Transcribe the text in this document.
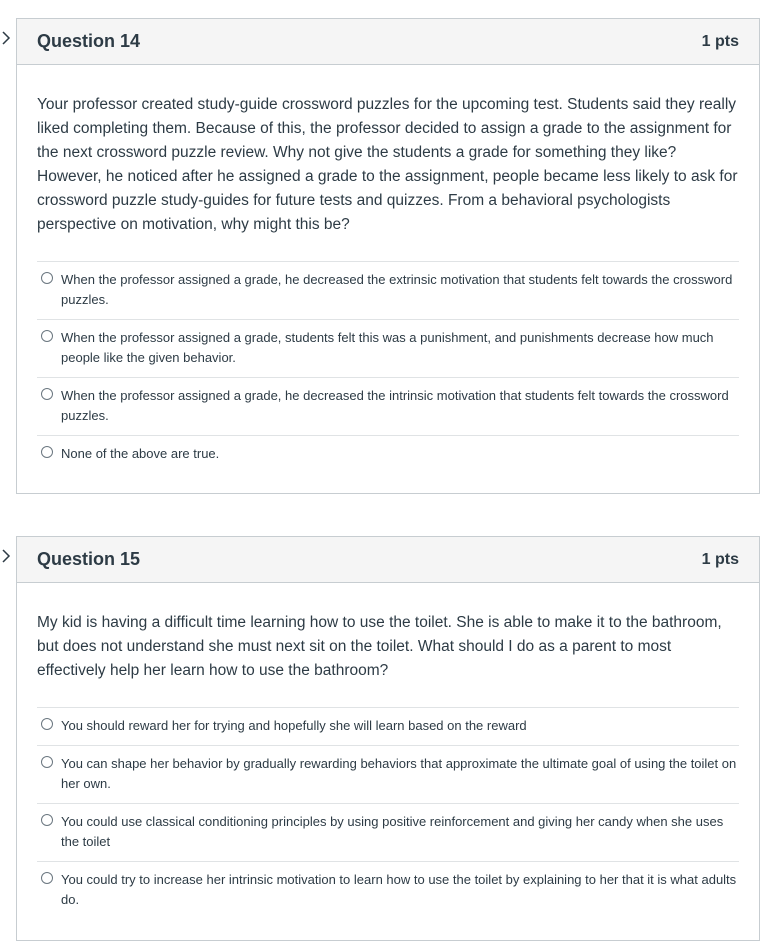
Question 14	1 pts

Your professor created study-guide crossword puzzles for the upcoming test. Students said they really liked completing them. Because of this, the professor decided to assign a grade to the assignment for the next crossword puzzle review. Why not give the students a grade for something they like? However, he noticed after he assigned a grade to the assignment, people became less likely to ask for crossword puzzle study-guides for future tests and quizzes. From a behavioral psychologists perspective on motivation, why might this be?

When the professor assigned a grade, he decreased the extrinsic motivation that students felt towards the crossword puzzles.
When the professor assigned a grade, students felt this was a punishment, and punishments decrease how much people like the given behavior.
When the professor assigned a grade, he decreased the intrinsic motivation that students felt towards the crossword puzzles.
None of the above are true.
Question 15	1 pts

My kid is having a difficult time learning how to use the toilet. She is able to make it to the bathroom, but does not understand she must next sit on the toilet. What should I do as a parent to most effectively help her learn how to use the bathroom?

You should reward her for trying and hopefully she will learn based on the reward
You can shape her behavior by gradually rewarding behaviors that approximate the ultimate goal of using the toilet on her own.
You could use classical conditioning principles by using positive reinforcement and giving her candy when she uses the toilet
You could try to increase her intrinsic motivation to learn how to use the toilet by explaining to her that it is what adults do.
